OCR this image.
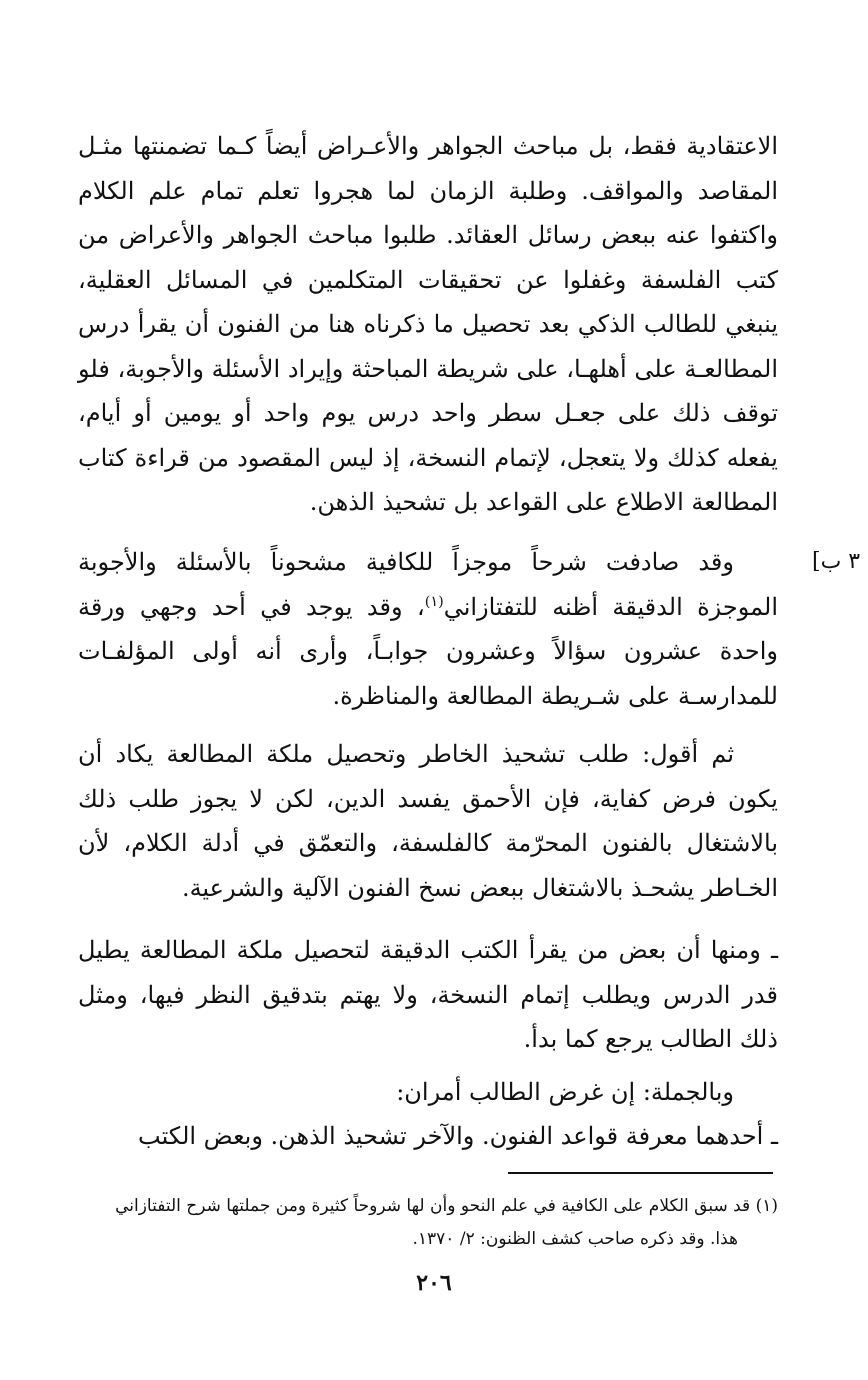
٣ ب]

الاعتقادية فقط، بل مباحث الجواهر والأعـراض أيضاً كـما تضمنتها مثـل المقاصد والمواقف. وطلبة الزمان لما هجروا تعلم تمام علم الكلام واكتفوا عنه ببعض رسائل العقائد. طلبوا مباحث الجواهر والأعراض من كتب الفلسفة وغفلوا عن تحقيقات المتكلمين في المسائل العقلية، ينبغي للطالب الذكي بعد تحصيل ما ذكرناه هنا من الفنون أن يقرأ درس المطالعـة على أهلهـا، على شريطة المباحثة وإيراد الأسئلة والأجوبة، فلو توقف ذلك على جعـل سطر واحد درس يوم واحد أو يومين أو أيام، يفعله كذلك ولا يتعجل، لإتمام النسخة، إذ ليس المقصود من قراءة كتاب المطالعة الاطلاع على القواعد بل تشحيذ الذهن.

وقد صادفت شرحاً موجزاً للكافية مشحوناً بالأسئلة والأجوبة الموجزة الدقيقة أظنه للتفتازاني$^{(١)}$، وقد يوجد في أحد وجهي ورقة واحدة عشرون سؤالاً وعشرون جوابـاً، وأرى أنه أولى المؤلفـات للمدارسـة على شـريطة المطالعة والمناظرة.

ثم أقول: طلب تشحيذ الخاطر وتحصيل ملكة المطالعة يكاد أن يكون فرض كفاية، فإن الأحمق يفسد الدين، لكن لا يجوز طلب ذلك بالاشتغال بالفنون المحرّمة كالفلسفة، والتعمّق في أدلة الكلام، لأن الخـاطر يشحـذ بالاشتغال ببعض نسخ الفنون الآلية والشرعية.

ـ ومنها أن بعض من يقرأ الكتب الدقيقة لتحصيل ملكة المطالعة يطيل قدر الدرس ويطلب إتمام النسخة، ولا يهتم بتدقيق النظر فيها، ومثل ذلك الطالب يرجع كما بدأ.

وبالجملة: إن غرض الطالب أمران:

ـ أحدهما معرفة قواعد الفنون. والآخر تشحيذ الذهن. وبعض الكتب

(١) قد سبق الكلام على الكافية في علم النحو وأن لها شروحاً كثيرة ومن جملتها شرح التفتازاني
هذا. وقد ذكره صاحب كشف الظنون: ٢/ ١٣٧٠.
٢٠٦
